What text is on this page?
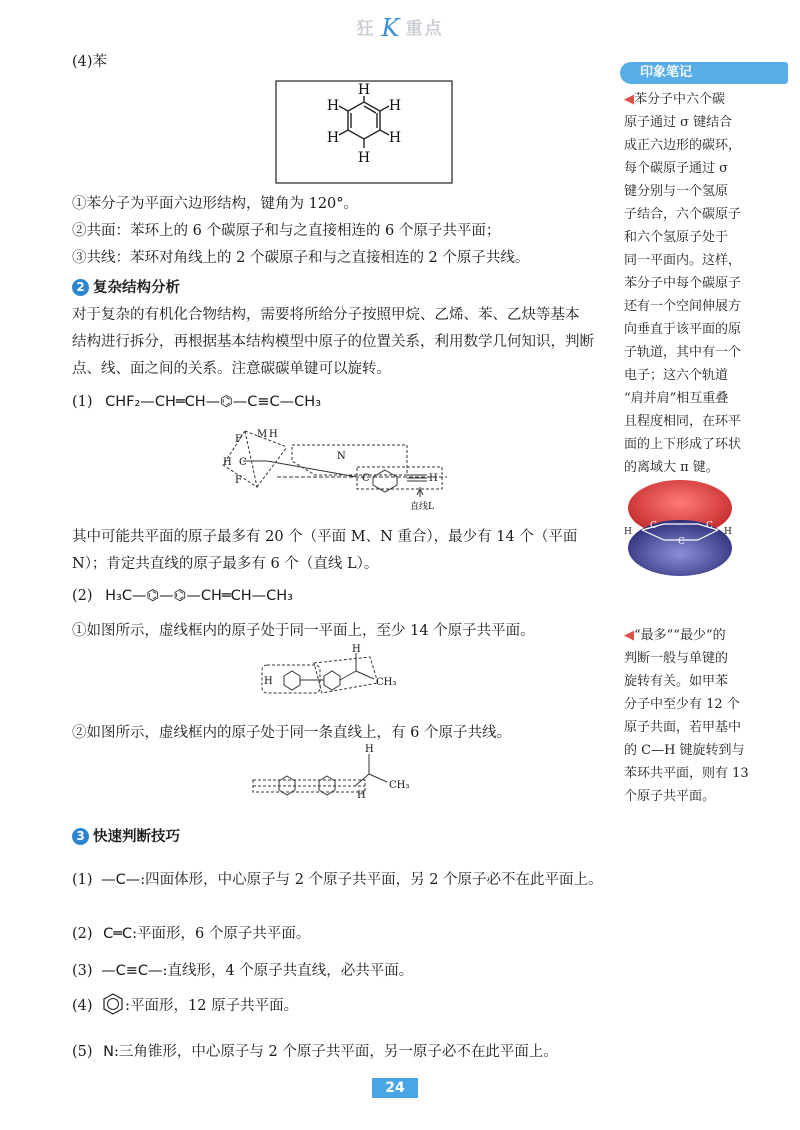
狂 K 重点
(4)苯
H
H
H
H
H
H
①苯分子为平面六边形结构，键角为 120°。
②共面：苯环上的 6 个碳原子和与之直接相连的 6 个原子共平面；
③共线：苯环对角线上的 2 个碳原子和与之直接相连的 2 个原子共线。
2 复杂结构分析
对于复杂的有机化合物结构，需要将所给分子按照甲烷、乙烯、苯、乙炔等基本
结构进行拆分，再根据基本结构模型中原子的位置关系，利用数学几何知识，判断
点、线、面之间的关系。注意碳碳单键可以旋转。
(1) CHF₂—CH═CH—⌬—C≡C—CH₃
F M H
H C
F
N
C	H
直线L
其中可能共平面的原子最多有 20 个（平面 M、N 重合），最少有 14 个（平面
N）；肯定共直线的原子最多有 6 个（直线 L）。
(2) H₃C—⌬—⌬—CH═CH—CH₃
①如图所示，虚线框内的原子处于同一平面上，至少 14 个原子共平面。
H
H
CH₃
②如图所示，虚线框内的原子处于同一条直线上，有 6 个原子共线。
H
CH₃
H
3 快速判断技巧
(1) —C—:四面体形，中心原子与 2 个原子共平面，另 2 个原子必不在此平面上。
(2) C═C:平面形，6 个原子共平面。
(3) —C≡C—:直线形，4 个原子共直线，必共平面。
(4) :平面形，12 原子共平面。
(5) N:三角锥形，中心原子与 2 个原子共平面，另一原子必不在此平面上。
印象笔记
◀苯分子中六个碳
原子通过 σ 键结合
成正六边形的碳环，
每个碳原子通过 σ
键分别与一个氢原
子结合，六个碳原子
和六个氢原子处于
同一平面内。这样，
苯分子中每个碳原子
还有一个空间伸展方
向垂直于该平面的原
子轨道，其中有一个
电子；这六个轨道
“肩并肩”相互重叠
且程度相同，在环平
面的上下形成了环状
的离域大 π 键。
H
C
C
C
H
◀“最多”“最少”的
判断一般与单键的
旋转有关。如甲苯
分子中至少有 12 个
原子共面，若甲基中
的 C—H 键旋转到与
苯环共平面，则有 13
个原子共平面。
24
